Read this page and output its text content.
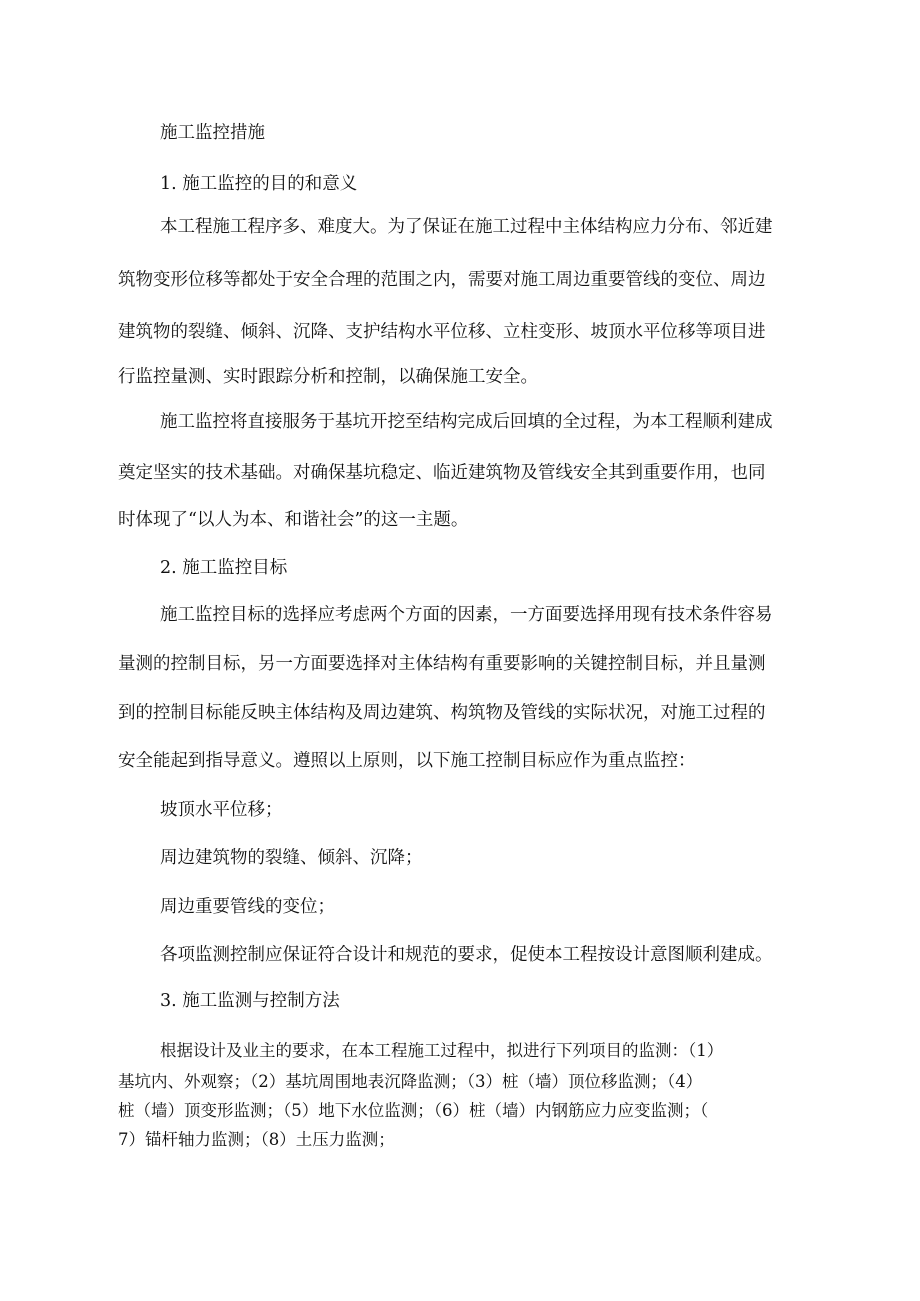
施工监控措施
1. 施工监控的目的和意义
本工程施工程序多、难度大。为了保证在施工过程中主体结构应力分布、邻近建
筑物变形位移等都处于安全合理的范围之内，需要对施工周边重要管线的变位、周边
建筑物的裂缝、倾斜、沉降、支护结构水平位移、立柱变形、坡顶水平位移等项目进
行监控量测、实时跟踪分析和控制，以确保施工安全。
施工监控将直接服务于基坑开挖至结构完成后回填的全过程，为本工程顺利建成
奠定坚实的技术基础。对确保基坑稳定、临近建筑物及管线安全其到重要作用，也同
时体现了“以人为本、和谐社会”的这一主题。
2. 施工监控目标
施工监控目标的选择应考虑两个方面的因素，一方面要选择用现有技术条件容易
量测的控制目标，另一方面要选择对主体结构有重要影响的关键控制目标，并且量测
到的控制目标能反映主体结构及周边建筑、构筑物及管线的实际状况，对施工过程的
安全能起到指导意义。遵照以上原则，以下施工控制目标应作为重点监控：
坡顶水平位移；
周边建筑物的裂缝、倾斜、沉降；
周边重要管线的变位；
各项监测控制应保证符合设计和规范的要求，促使本工程按设计意图顺利建成。
3. 施工监测与控制方法
根据设计及业主的要求，在本工程施工过程中，拟进行下列项目的监测：（1）
基坑内、外观察；（2）基坑周围地表沉降监测；（3）桩（墙）顶位移监测；（4）
桩（墙）顶变形监测；（5）地下水位监测；（6）桩（墙）内钢筋应力应变监测；（
7）锚杆轴力监测；（8）土压力监测；
